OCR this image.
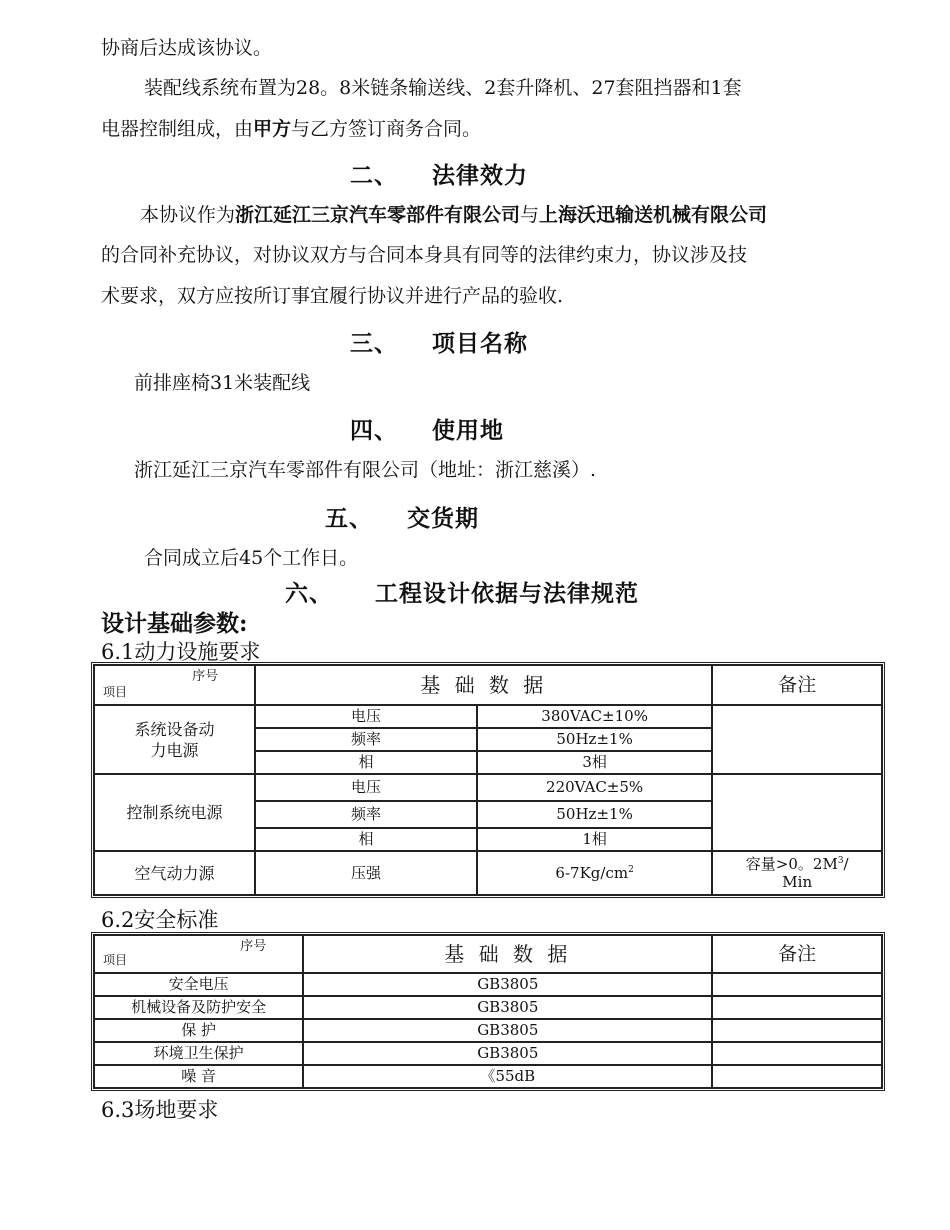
协商后达成该协议。
装配线系统布置为28。8米链条输送线、2套升降机、27套阻挡器和1套
电器控制组成，由甲方与乙方签订商务合同。
二、 法律效力
本协议作为浙江延江三京汽车零部件有限公司与上海沃迅输送机械有限公司
的合同补充协议，对协议双方与合同本身具有同等的法律约束力，协议涉及技
术要求，双方应按所订事宜履行协议并进行产品的验收.
三、 项目名称
前排座椅31米装配线
四、 使用地
浙江延江三京汽车零部件有限公司（地址：浙江慈溪）.
五、 交货期
合同成立后45个工作日。
六、 工程设计依据与法律规范
设计基础参数:
6.1动力设施要求
序号
项目	基 础 数 据		备注
系统设备动力电源	电压	380VAC±10%	
	频率	50Hz±1%	
	相	3相	
控制系统电源	电压	220VAC±5%	
	频率	50Hz±1%	
	相	1相	
空气动力源	压强	$6-7Kg/cm^2$	容量>0。$2M^3/$
Min
6.2安全标准
序号
项目	基 础 数 据	备注
安全电压	GB3805	
机械设备及防护安全	GB3805	
保 护	GB3805	
环境卫生保护	GB3805	
噪 音	《55dB	
6.3场地要求
